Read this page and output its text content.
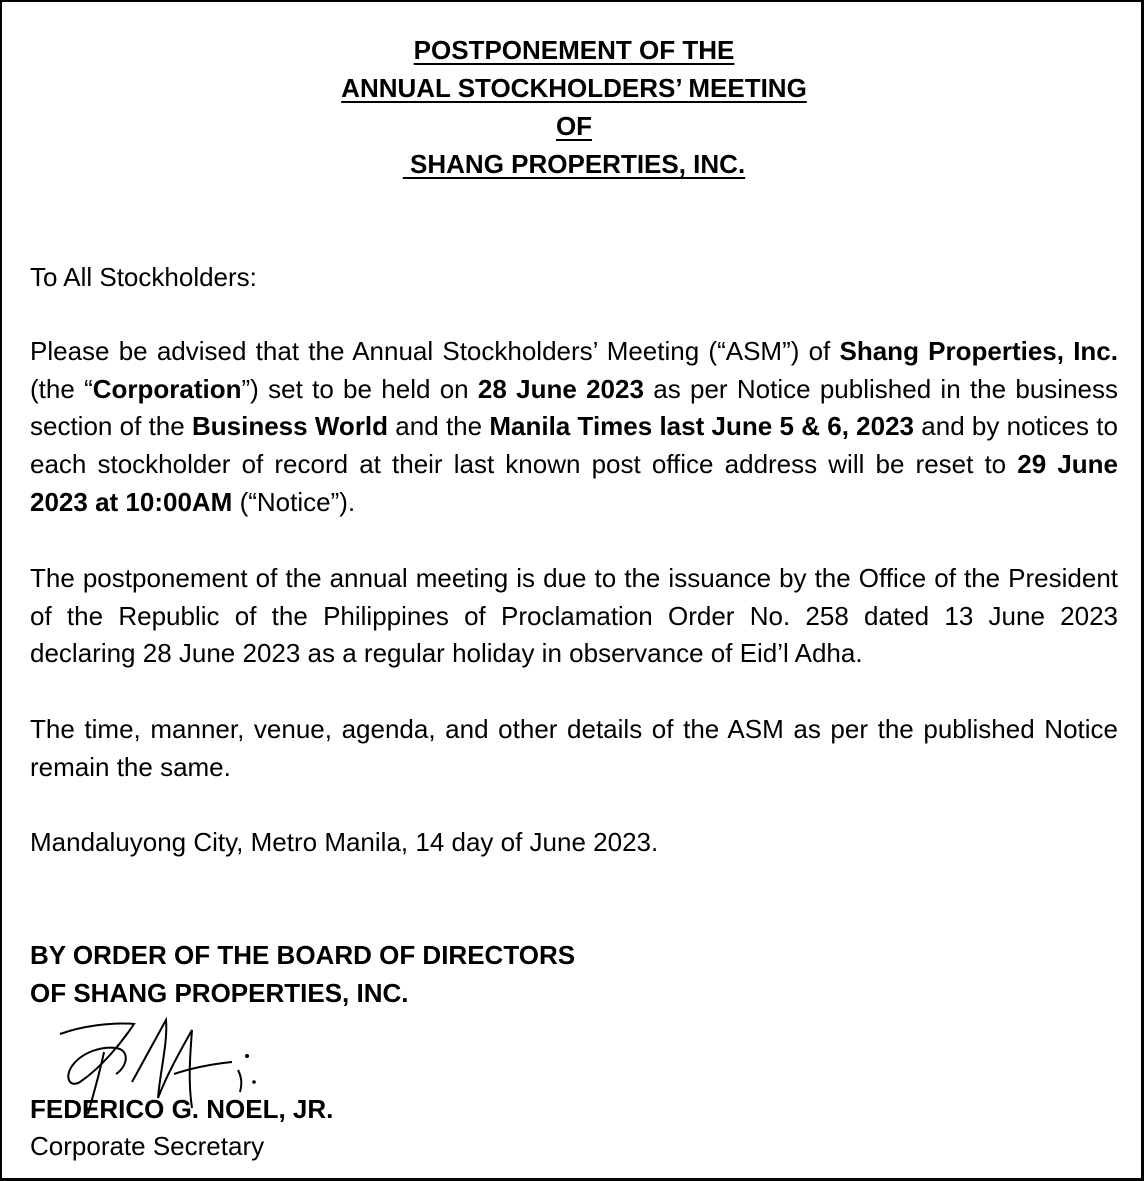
POSTPONEMENT OF THE
ANNUAL STOCKHOLDERS’ MEETING
OF
SHANG PROPERTIES, INC.
To All Stockholders:
Please be advised that the Annual Stockholders’ Meeting (“ASM”) of Shang Properties, Inc. (the “Corporation”) set to be held on 28 June 2023 as per Notice published in the business section of the Business World and the Manila Times last June 5 & 6, 2023 and by notices to each stockholder of record at their last known post office address will be reset to 29 June 2023 at 10:00AM (“Notice”).
The postponement of the annual meeting is due to the issuance by the Office of the President of the Republic of the Philippines of Proclamation Order No. 258 dated 13 June 2023 declaring 28 June 2023 as a regular holiday in observance of Eid’l Adha.
The time, manner, venue, agenda, and other details of the ASM as per the published Notice remain the same.
Mandaluyong City, Metro Manila, 14 day of June 2023.
BY ORDER OF THE BOARD OF DIRECTORS
OF SHANG PROPERTIES, INC.
FEDERICO G. NOEL, JR.
Corporate Secretary
